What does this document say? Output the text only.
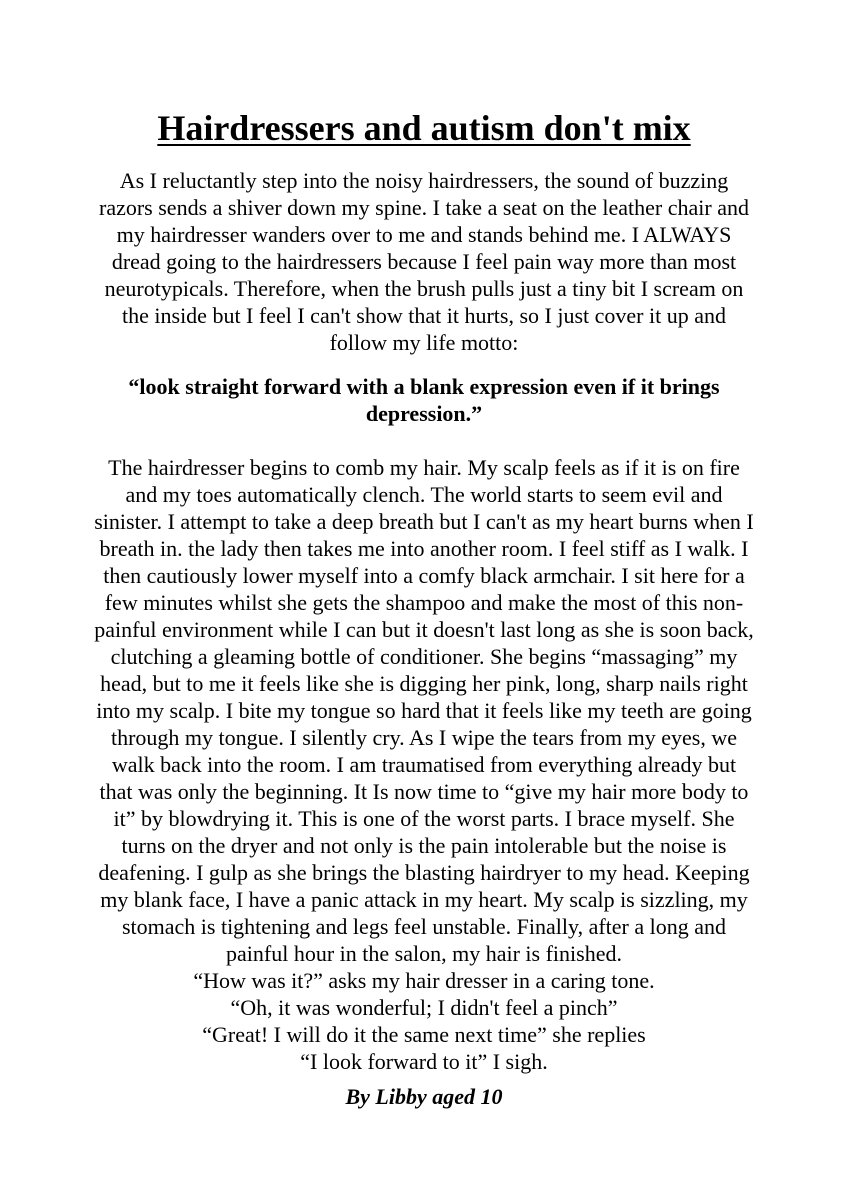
Hairdressers and autism don't mix
As I reluctantly step into the noisy hairdressers, the sound of buzzing
razors sends a shiver down my spine. I take a seat on the leather chair and
my hairdresser wanders over to me and stands behind me. I ALWAYS
dread going to the hairdressers because I feel pain way more than most
neurotypicals. Therefore, when the brush pulls just a tiny bit I scream on
the inside but I feel I can't show that it hurts, so I just cover it up and
follow my life motto:
“look straight forward with a blank expression even if it brings
depression.”
The hairdresser begins to comb my hair. My scalp feels as if it is on fire
and my toes automatically clench. The world starts to seem evil and
sinister. I attempt to take a deep breath but I can't as my heart burns when I
breath in. the lady then takes me into another room. I feel stiff as I walk. I
then cautiously lower myself into a comfy black armchair. I sit here for a
few minutes whilst she gets the shampoo and make the most of this non-
painful environment while I can but it doesn't last long as she is soon back,
clutching a gleaming bottle of conditioner. She begins “massaging” my
head, but to me it feels like she is digging her pink, long, sharp nails right
into my scalp. I bite my tongue so hard that it feels like my teeth are going
through my tongue. I silently cry. As I wipe the tears from my eyes, we
walk back into the room. I am traumatised from everything already but
that was only the beginning. It Is now time to “give my hair more body to
it” by blowdrying it. This is one of the worst parts. I brace myself. She
turns on the dryer and not only is the pain intolerable but the noise is
deafening. I gulp as she brings the blasting hairdryer to my head. Keeping
my blank face, I have a panic attack in my heart. My scalp is sizzling, my
stomach is tightening and legs feel unstable. Finally, after a long and
painful hour in the salon, my hair is finished.
“How was it?” asks my hair dresser in a caring tone.
“Oh, it was wonderful; I didn't feel a pinch”
“Great! I will do it the same next time” she replies
“I look forward to it” I sigh.

By Libby aged 10
